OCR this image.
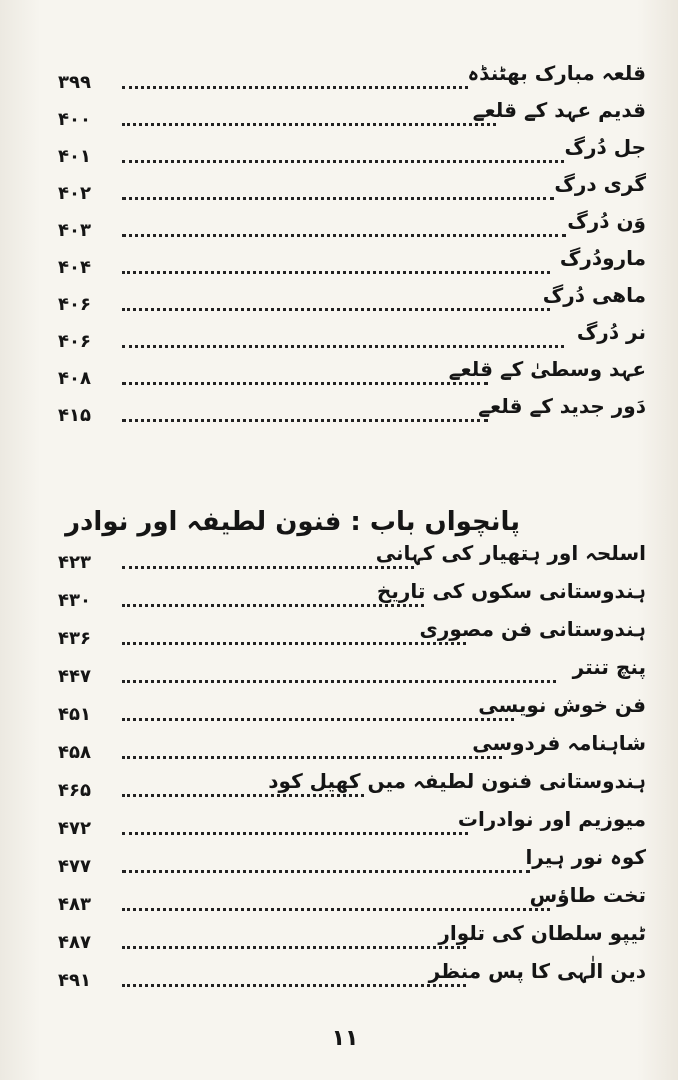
قلعہ مبارک بھٹنڈہ
۳۹۹
قدیم عہد کے قلعے
۴۰۰
جل دُرگ
۴۰۱
گری درگ
۴۰۲
وَن دُرگ
۴۰۳
مارودُرگ
۴۰۴
ماھی دُرگ
۴۰۶
نر دُرگ
۴۰۶
عہد وسطیٰ کے قلعے
۴۰۸
دَور جدید کے قلعے
۴۱۵
پانچواں باب : فنون لطیفہ اور نوادر
اسلحہ اور ہتھیار کی کہانی
۴۲۳
ہندوستانی سکوں کی تاریخ
۴۳۰
ہندوستانی فن مصوری
۴۳۶
پنچ تنتر
۴۴۷
فن خوش نویسی
۴۵۱
شاہنامہ فردوسی
۴۵۸
ہندوستانی فنون لطیفہ میں کھیل کود
۴۶۵
میوزیم اور نوادرات
۴۷۲
کوہ نور ہیرا
۴۷۷
تخت طاؤس
۴۸۳
ٹیپو سلطان کی تلوار
۴۸۷
دین الٰہی کا پس منظر
۴۹۱
۱۱
